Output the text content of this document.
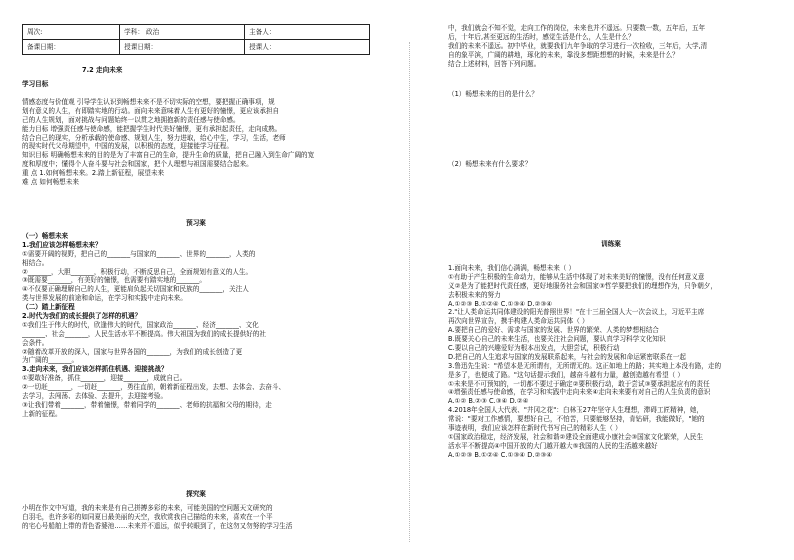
周次:	学科： 政治	主备人：
备课日期：	授课日期：	授课人：
7.2 走向未来
学习目标
情感态度与价值观 引导学生认识到畅想未来不是不切实际的空想，要把握正确事项，规
划有意义的人生，有即踏实地的行动。面向未来意味着人生有更好的憧憬，更应该承担自
己的人生规划，面对挑战与问题始终一以贯之地拥抱新的责任感与使命感。
能力目标 增强责任感与使命感，能把握学生时代美好憧憬，更有承担起责任，走向成熟。
结合自己的现实，分析承载的使命感、规划人生，努力进取，给心中生，学习，生活，老师
的现实时代父母期望中，中国的发展，以积极的态度，迎接能学习征程。
知识目标 明确畅想未来的目的是为了丰富自己的生命，提升生命的质量，把自己融入到生命广阔的宽
度和厚度中；懂得个人奋斗要与社会和国家，把个人理想与祖国需要结合起来。
重 点 1.如何畅想未来。2.踏上新征程，展望未来
难 点 如何畅想未来
预习案
（一）畅想未来
1.我们应该怎样畅想未来？
①需要开阔的视野，把自己的_______与国家的_______、世界的_______，人类的
相结合。
②_______，大胆_______，积极行动，不断反思自己，全面规划有意义的人生。
③既需要_______，有美好的憧憬，也需要有踏实地的_______。
④不仅要正确理解自己的人生，更能肩负起关切国家和民族的_______，关注人
类与世界发展的前途和命运，在学习和实践中走向未来。
（二）踏上新征程
2.时代为我们的成长提供了怎样的机遇？
①我们生于伟大的时代，欣逢伟大的时代，国家政治_______、经济_______、文化
_______、社会_______，人民生活水平不断提高。伟大祖国为我们的成长提供好的社
会条件。
②随着改革开放的深入，国家与世界各国的_______，为我们的成长创造了更
为广阔的_______。
3.走向未来，我们应该怎样抓住机遇、迎接挑战？
①要敢好准备，抓住_______，迎接_______，成就自己。
②一切赶_______，一切赶_______，勇往直前，朝着新征程出发，去想、去体会、去奋斗、
去学习，去闯荡、去体验、去提升，去迎接考验。
③让我们带着_______，带着憧憬，带着同学的_______、老师的抗福和父母的期待，走
上新的征程。
探究案
小明在作文中写道，我的未来是有自己拼搏多彩的未来，可能美国的空问题天文研究的
白羽毛，也许多彩的如同夏日最美丽的天空，我欣赏我自己描绘的未来，喜欢在一个平
的宅心号船舶上带的青色香婆池……未来并不遥远，似乎转眼到了，在这勿又勿努的学习生活
中，我们就会不知不觉，走向工作的岗位，未来也并不遥远。只要数一数，五年后，五年
后，十年后,甚至更远的生活时，感觉生活是什么，人生是什么？
我们的未来不遥远。初中毕业，就要我们九年争取的学习进行一次检收，三年后，大学,清
自的象平滨，广阔的耕地，琢化的未来，靠没多想距想想的时候，未来是什么？
结合上述材料，回答下列问题。
（1）畅想未来的目的是什么？
（2）畅想未来有什么要求？
训练案
1.面向未来，我们信心满满，畅想未来（ ）
①有助于产生积极的生命动力，能够从生活中体现了对未来美好的憧憬，没有任何意义意
义②是为了能把时代责任感，更好地服务社会和国家③哲学要把我们的理想作为，只争朝夕，
去积极未来的努力
A.①②③ B.①②④ C.①③④ D.②③④
2."让人类命运共同体建设的阳光普照世界！"在十三届全国人大一次会议上，习近平主席
再次向世界宣告，携手构建人类命运共同体（ ）
A.要把自己的爱好、需求与国家的发展、世界的繁荣、人类的梦想相结合
B.既要关心自己的未来生活，也要关注社会问题，要认真学习科学文化知识
C.要以自己的兴趣爱好为根本出发点，大胆尝试，积极行动
D.把自己的人生追求与国家的发展联系起来，与社会的发展和命运紧密联系在一起
3.鲁迅先生说："希望本是无所谓有，无所谓无的。这正如地上的路；其实地上本没有路，走的
是多了，也便成了路。"这句话提示我们，越奋斗越有力量，越创造越有希望（ ）
①未来是不可预知的，一切都不要过于确定②要积极行动，敢于尝试③要承担起应有的责任
④增强责任感与使命感，在学习和实践中走向未来④走向未来要有对自己的人生负责的意识
A.①② B.②③ C.③④ D.②④
4.2018年全国人大代表、"井冈之花"：白林玉27年坚守人生理想，滞碍工匠精神，她，
常说："要对工作感情，要想好自己，不怕苦，只要能够坚持，肯钻研，我能做好，"她的
事迹表明，我们应该怎样在新时代书写自己的精彩人生（ ）
①国家政治稳定，经济发展，社会和谐②建设全面建成小康社会③国家文化繁荣，人民生
活水平不断提高④中国开放的大门越开越大⑤我国的人民的生活越来越好
A.①②③ B.①②④ C.①③④ D.②③④
